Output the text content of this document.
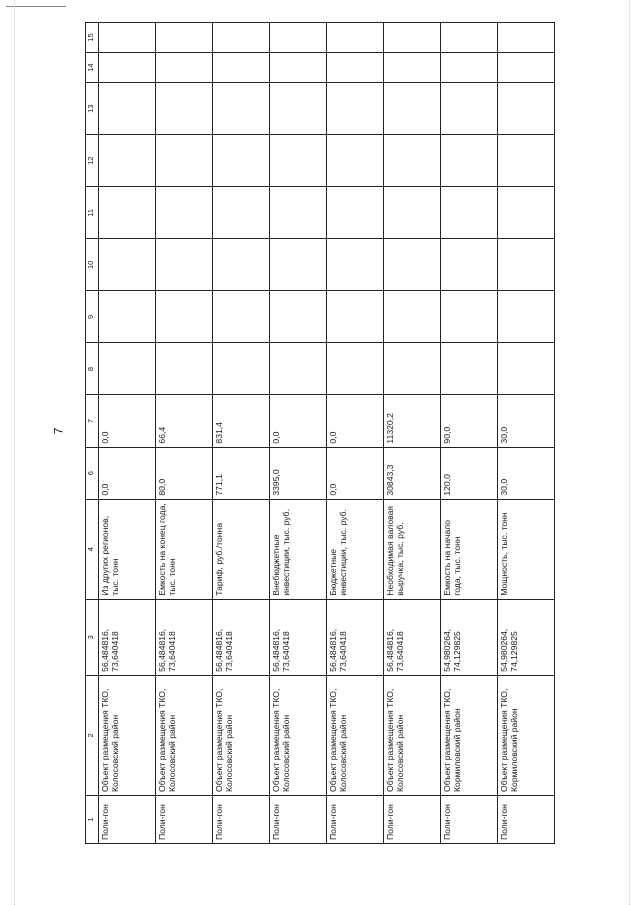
7
1	2	3	4	6	7	8	9	10	11	12	13	14	15
Поли-гон	Объект размещения ТКО, Колосовский район	56,484816, 73,640418	Из других регионов, тыс. тонн	0,0	0,0								
Поли-гон	Объект размещения ТКО, Колосовский район	56,484816, 73,640418	Емкость на конец года, тыс. тонн	80,0	66,4								
Поли-гон	Объект размещения ТКО, Колосовский район	56,484816, 73,640418	Тариф, руб./тонна	771,1	831,4								
Поли-гон	Объект размещения ТКО, Колосовский район	56,484816, 73,640418	Внебюджетные инвестиции, тыс. руб.	3395,0	0,0								
Поли-гон	Объект размещения ТКО, Колосовский район	56,484816, 73,640418	Бюджетные инвестиции, тыс. руб.	0,0	0,0								
Поли-гон	Объект размещения ТКО, Колосовский район	56,484816, 73,640418	Необходимая валовая выручка, тыс. руб.	30843,3	11320,2								
Поли-гон	Объект размещения ТКО, Кормиловский район	54,980264, 74,129825	Емкость на начало года, тыс. тонн	120,0	90,0								
Поли-гон	Объект размещения ТКО, Кормиловский район	54,980264, 74,129825	Мощность, тыс. тонн	30,0	30,0								
